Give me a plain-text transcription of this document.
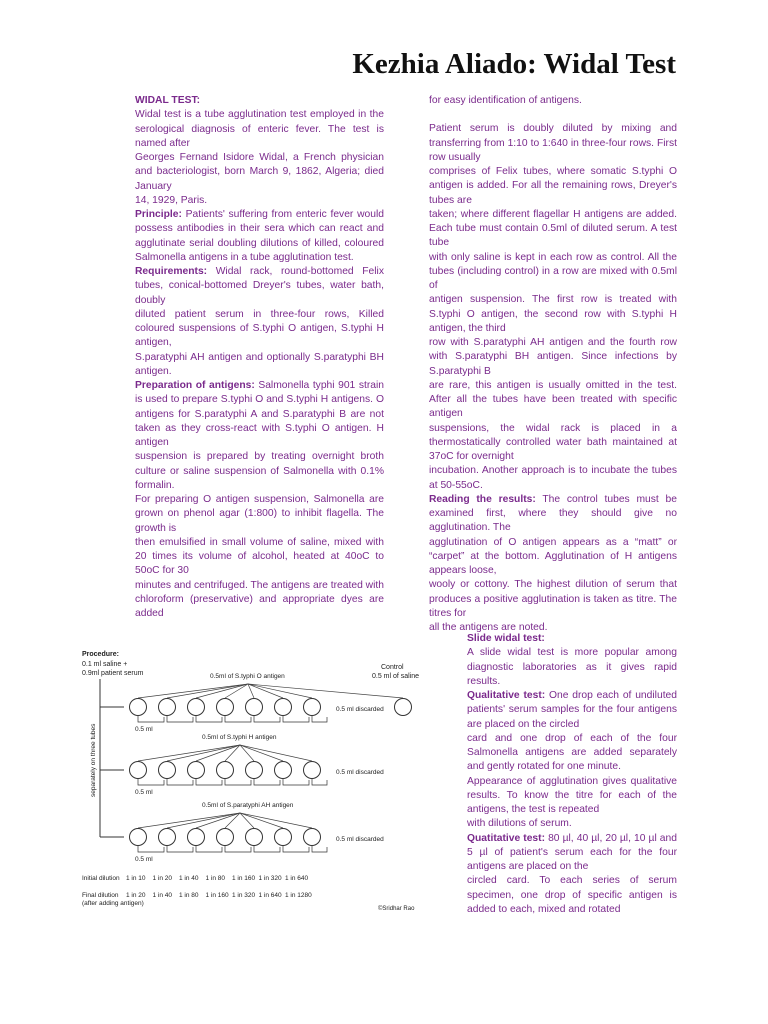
Kezhia Aliado: Widal Test

WIDAL TEST:

Widal test is a tube agglutination test employed in the serological diagnosis of enteric fever. The test is named after

Georges Fernand Isidore Widal, a French physician and bacteriologist, born March 9, 1862, Algeria; died January

14, 1929, Paris.

Principle: Patients' suffering from enteric fever would possess antibodies in their sera which can react and agglutinate serial doubling dilutions of killed, coloured Salmonella antigens in a tube agglutination test.

Requirements: Widal rack, round-bottomed Felix tubes, conical-bottomed Dreyer's tubes, water bath, doubly

diluted patient serum in three-four rows, Killed coloured suspensions of S.typhi O antigen, S.typhi H antigen,

S.paratyphi AH antigen and optionally S.paratyphi BH antigen.

Preparation of antigens: Salmonella typhi 901 strain is used to prepare S.typhi O and S.typhi H antigens. O antigens for S.paratyphi A and S.paratyphi B are not taken as they cross-react with S.typhi O antigen. H antigen

suspension is prepared by treating overnight broth culture or saline suspension of Salmonella with 0.1% formalin.

For preparing O antigen suspension, Salmonella are grown on phenol agar (1:800) to inhibit flagella. The growth is

then emulsified in small volume of saline, mixed with 20 times its volume of alcohol, heated at 40oC to 50oC for 30

minutes and centrifuged. The antigens are treated with chloroform (preservative) and appropriate dyes are added

for easy identification of antigens.

Patient serum is doubly diluted by mixing and transferring from 1:10 to 1:640 in three-four rows. First row usually

comprises of Felix tubes, where somatic S.typhi O antigen is added. For all the remaining rows, Dreyer's tubes are

taken; where different flagellar H antigens are added. Each tube must contain 0.5ml of diluted serum. A test tube

with only saline is kept in each row as control. All the tubes (including control) in a row are mixed with 0.5ml of

antigen suspension. The first row is treated with S.typhi O antigen, the second row with S.typhi H antigen, the third

row with S.paratyphi AH antigen and the fourth row with S.paratyphi BH antigen. Since infections by S.paratyphi B

are rare, this antigen is usually omitted in the test. After all the tubes have been treated with specific antigen

suspensions, the widal rack is placed in a thermostatically controlled water bath maintained at 37oC for overnight

incubation. Another approach is to incubate the tubes at 50-55oC.

Reading the results: The control tubes must be examined first, where they should give no agglutination. The

agglutination of O antigen appears as a “matt” or “carpet” at the bottom. Agglutination of H antigens appears loose,

wooly or cottony. The highest dilution of serum that produces a positive agglutination is taken as titre. The titres for

all the antigens are noted.

Slide widal test:

A slide widal test is more popular among diagnostic laboratories as it gives rapid results.

Qualitative test: One drop each of undiluted patients' serum samples for the four antigens are placed on the circled

card and one drop of each of the four Salmonella antigens are added separately and gently rotated for one minute.

Appearance of agglutination gives qualitative results. To know the titre for each of the antigens, the test is repeated

with dilutions of serum.

Quatitative test: 80 µl, 40 µl, 20 µl, 10 µl and 5 µl of patient's serum each for the four antigens are placed on the

circled card. To each series of serum specimen, one drop of specific antigen is added to each, mixed and rotated

Procedure:
0.1 ml saline +
0.9ml patient serum
Control
0.5 ml of saline
separately on three tubes
0.5ml of S.typhi O antigen
0.5 ml
0.5 ml discarded
0.5ml of S.typhi H antigen
0.5 ml
0.5 ml discarded
0.5ml of S.paratyphi AH antigen
0.5 ml
0.5 ml discarded
Initial dilution
Final dilution
(after adding antigen)
1 in 10 1 in 20 1 in 40 1 in 80 1 in 160 1 in 320 1 in 640
1 in 20 1 in 40 1 in 80 1 in 160 1 in 320 1 in 640 1 in 1280
©Sridhar Rao
